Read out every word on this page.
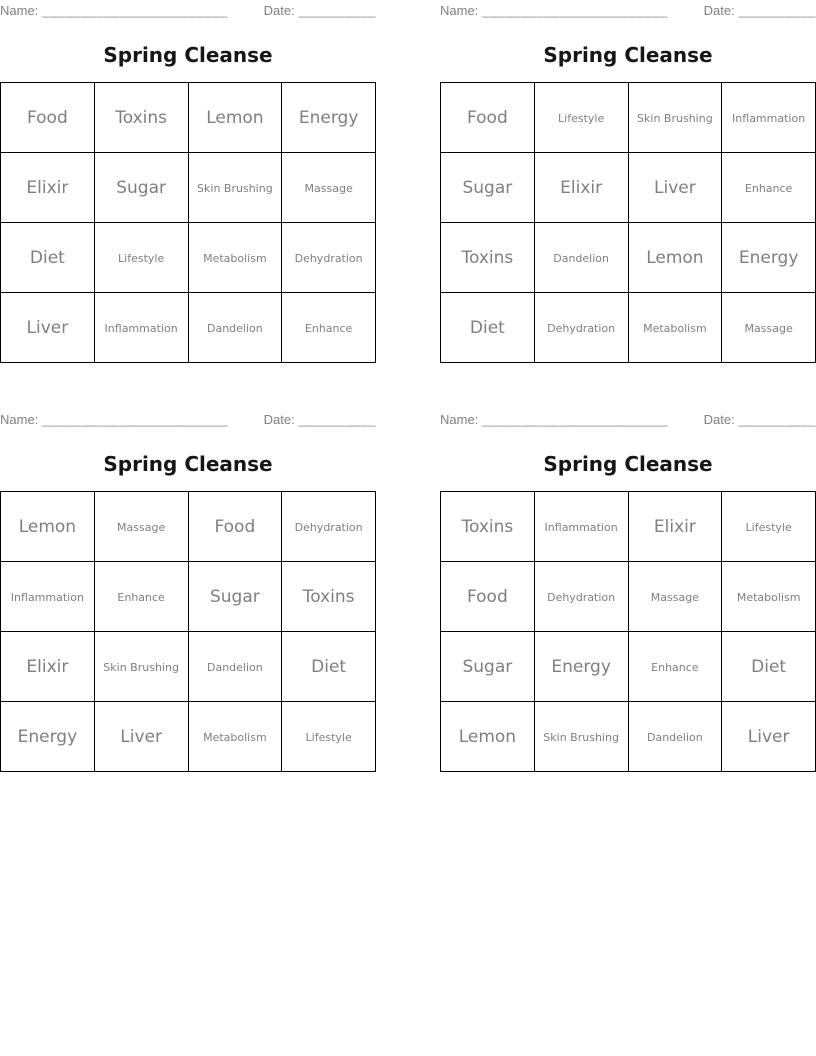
Name: ________________________	Date: __________
Spring Cleanse
Food	Toxins	Lemon	Energy
Elixir	Sugar	Skin Brushing	Massage
Diet	Lifestyle	Metabolism	Dehydration
Liver	Inflammation	Dandelion	Enhance
Name: ________________________	Date: __________
Spring Cleanse
Food	Lifestyle	Skin Brushing	Inflammation
Sugar	Elixir	Liver	Enhance
Toxins	Dandelion	Lemon	Energy
Diet	Dehydration	Metabolism	Massage
Name: ________________________	Date: __________
Spring Cleanse
Lemon	Massage	Food	Dehydration
Inflammation	Enhance	Sugar	Toxins
Elixir	Skin Brushing	Dandelion	Diet
Energy	Liver	Metabolism	Lifestyle
Name: ________________________	Date: __________
Spring Cleanse
Toxins	Inflammation	Elixir	Lifestyle
Food	Dehydration	Massage	Metabolism
Sugar	Energy	Enhance	Diet
Lemon	Skin Brushing	Dandelion	Liver
